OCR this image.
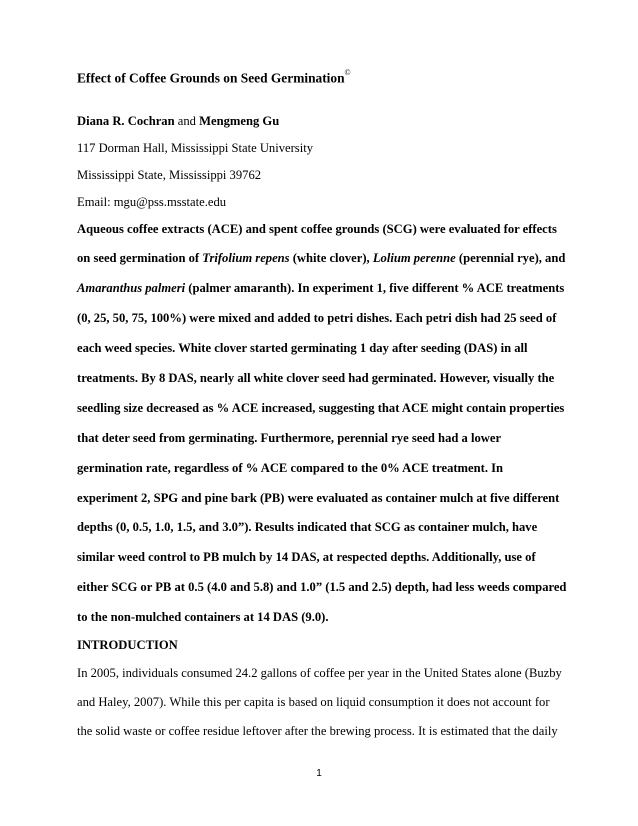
Effect of Coffee Grounds on Seed Germination©
Diana R. Cochran and Mengmeng Gu
117 Dorman Hall, Mississippi State University
Mississippi State, Mississippi 39762
Email: mgu@pss.msstate.edu
Aqueous coffee extracts (ACE) and spent coffee grounds (SCG) were evaluated for effects
on seed germination of Trifolium repens (white clover), Lolium perenne (perennial rye), and
Amaranthus palmeri (palmer amaranth). In experiment 1, five different % ACE treatments
(0, 25, 50, 75, 100%) were mixed and added to petri dishes. Each petri dish had 25 seed of
each weed species. White clover started germinating 1 day after seeding (DAS) in all
treatments. By 8 DAS, nearly all white clover seed had germinated. However, visually the
seedling size decreased as % ACE increased, suggesting that ACE might contain properties
that deter seed from germinating. Furthermore, perennial rye seed had a lower
germination rate, regardless of % ACE compared to the 0% ACE treatment. In
experiment 2, SPG and pine bark (PB) were evaluated as container mulch at five different
depths (0, 0.5, 1.0, 1.5, and 3.0”). Results indicated that SCG as container mulch, have
similar weed control to PB mulch by 14 DAS, at respected depths. Additionally, use of
either SCG or PB at 0.5 (4.0 and 5.8) and 1.0” (1.5 and 2.5) depth, had less weeds compared
to the non-mulched containers at 14 DAS (9.0).
INTRODUCTION
In 2005, individuals consumed 24.2 gallons of coffee per year in the United States alone (Buzby
and Haley, 2007). While this per capita is based on liquid consumption it does not account for
the solid waste or coffee residue leftover after the brewing process. It is estimated that the daily
1
